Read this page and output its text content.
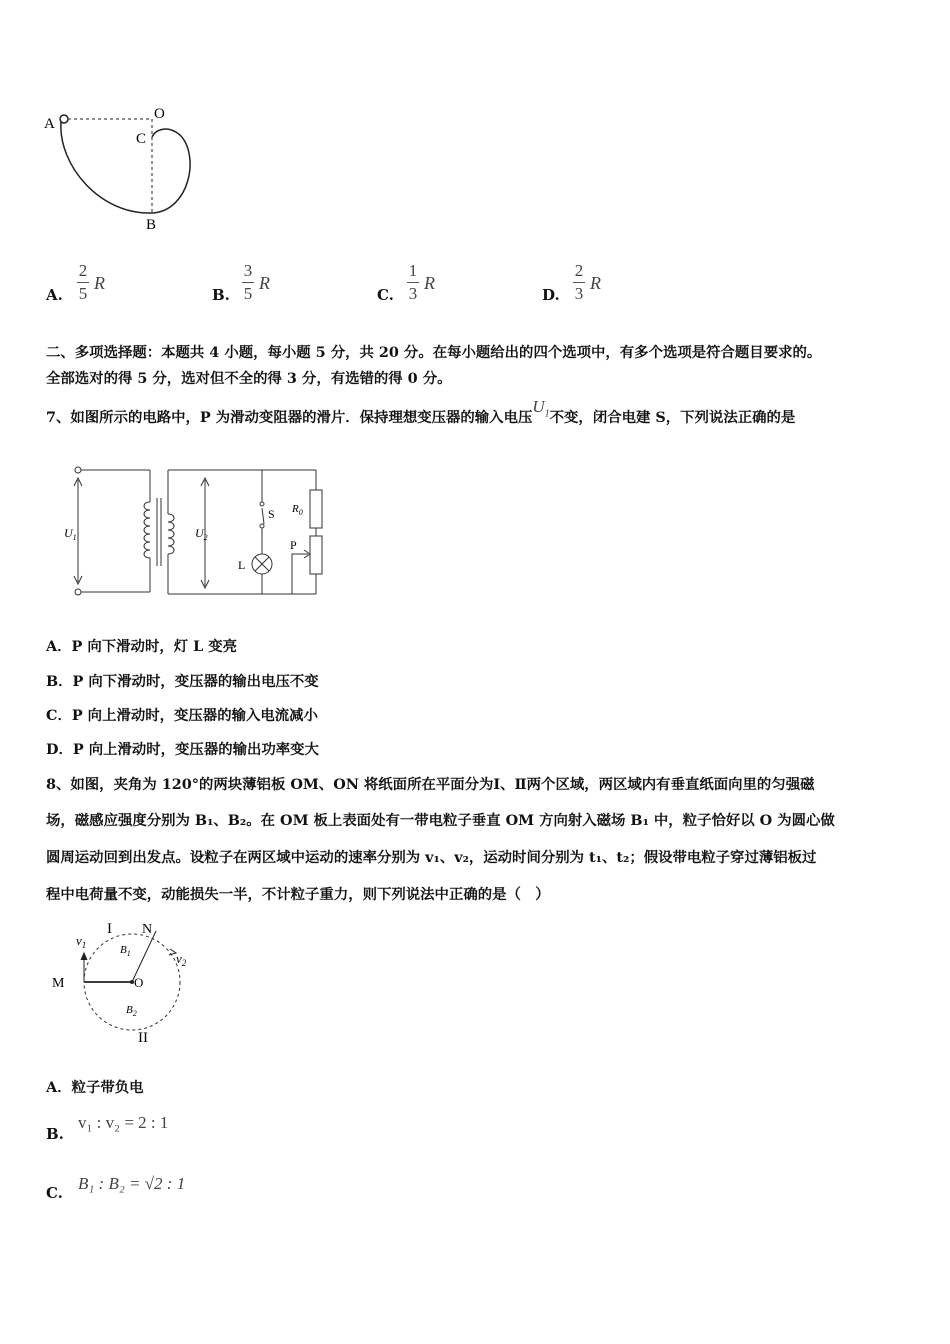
A
O
C
B
A.
2
5
R
B.
3
5
R
C.
1
3
R
D.
2
3
R
二、多项选择题：本题共 4 小题，每小题 5 分，共 20 分。在每小题给出的四个选项中，有多个选项是符合题目要求的。
全部选对的得 5 分，选对但不全的得 3 分，有选错的得 0 分。
7、如图所示的电路中，P 为滑动变阻器的滑片．保持理想变压器的输入电压$U_1$不变，闭合电建 S，下列说法正确的是
$U_1$	$U_2$
S
L
$R_0$
P
A．P 向下滑动时，灯 L 变亮
B．P 向下滑动时，变压器的输出电压不变
C．P 向上滑动时，变压器的输入电流减小
D．P 向上滑动时，变压器的输出功率变大
8、如图，夹角为 120°的两块薄铝板 OM、ON 将纸面所在平面分为Ⅰ、Ⅱ两个区域，两区域内有垂直纸面向里的匀强磁
场，磁感应强度分别为 B₁、B₂。在 OM 板上表面处有一带电粒子垂直 OM 方向射入磁场 B₁ 中，粒子恰好以 O 为圆心做
圆周运动回到出发点。设粒子在两区域中运动的速率分别为 v₁、v₂，运动时间分别为 t₁、t₂；假设带电粒子穿过薄铝板过
程中电荷量不变，动能损失一半，不计粒子重力，则下列说法中正确的是（　）
I N
M	O
$v_1$
$v_2$
$B_1$
$B_2$
II
A．粒子带负电
B.
v₁ : v₂ = 2 : 1
C. B₁ : B₂ = √2 : 1
